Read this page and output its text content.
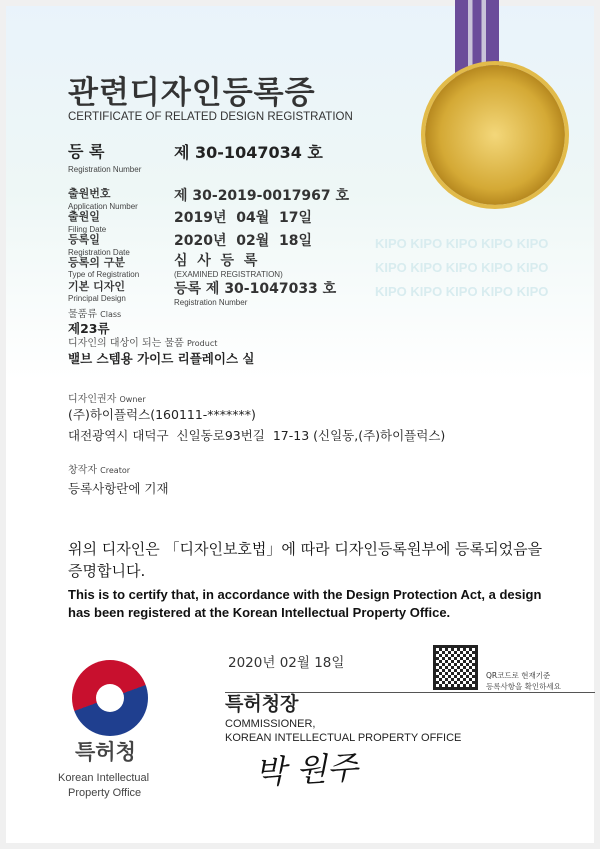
KIPO KIPO KIPO KIPO KIPO
KIPO KIPO KIPO KIPO KIPO
KIPO KIPO KIPO KIPO KIPO
관련디자인등록증
CERTIFICATE OF RELATED DESIGN REGISTRATION
등 록
Registration Number
제 30-1047034 호
출원번호
Application Number
제 30-2019-0017967 호
출원일
Filing Date
2019년  04월  17일
등록일
Registration Date
2020년  02월  18일
등록의 구분
Type of Registration
심  사  등  록
(EXAMINED REGISTRATION)
기본 디자인
Principal Design
등록 제 30-1047033 호
Registration Number
물품류 Class
제23류
디자인의 대상이 되는 물품 Product
밸브 스템용 가이드 리플레이스 실
디자인권자 Owner
(주)하이플럭스(160111-*******)
대전광역시 대덕구  신일동로93번길  17-13 (신일동,(주)하이플럭스)
창작자 Creator
등록사항란에 기재
위의 디자인은 「디자인보호법」에 따라 디자인등록원부에 등록되었음을
증명합니다.
This is to certify that, in accordance with the Design Protection Act, a design
has been registered at the Korean Intellectual Property Office.
2020년 02월 18일
QR코드로 현재기준
등록사항을 확인하세요
특허청장
COMMISSIONER,
KOREAN INTELLECTUAL PROPERTY OFFICE
박 원주
특허청
Korean Intellectual
Property Office
